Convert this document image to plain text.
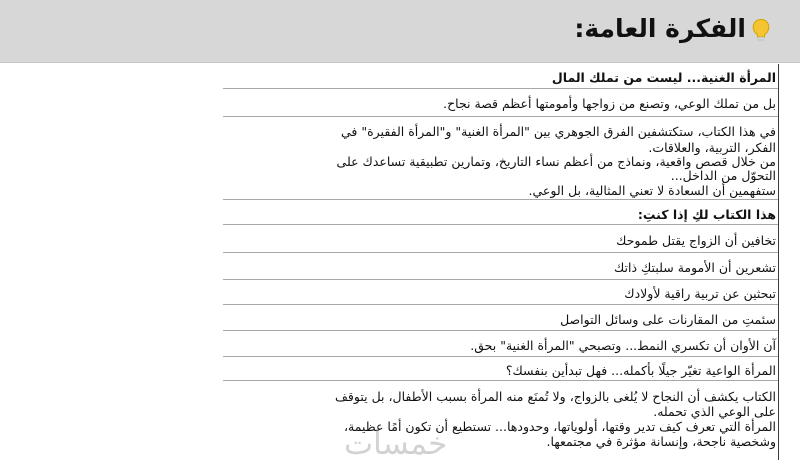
الفكرة العامة:
المرأة الغنية... ليست من تملك المال
بل من تملك الوعي، وتصنع من زواجها وأمومتها أعظم قصة نجاح.
في هذا الكتاب، ستكتشفين الفرق الجوهري بين "المرأة الغنية" و"المرأة الفقيرة" في
الفكر، التربية، والعلاقات.
من خلال قصص واقعية، ونماذج من أعظم نساء التاريخ، وتمارين تطبيقية تساعدك على
التحوّل من الداخل...
ستفهمين أن السعادة لا تعني المثالية، بل الوعي.
هذا الكتاب لكِ إذا كنتِ:
تخافين أن الزواج يقتل طموحك
تشعرين أن الأمومة سلبتكِ ذاتك
تبحثين عن تربية راقية لأولادك
سئمتِ من المقارنات على وسائل التواصل
آن الأوان أن تكسري النمط... وتصبحي "المرأة الغنية" بحق.
المرأة الواعية تغيّر جيلًا بأكمله... فهل تبدأين بنفسك؟
الكتاب يكشف أن النجاح لا يُلغى بالزواج، ولا تُمنَع منه المرأة بسبب الأطفال، بل يتوقف
على الوعي الذي تحمله.
المرأة التي تعرف كيف تدير وقتها، أولوياتها، وحدودها... تستطيع أن تكون أمًا عظيمة،
وشخصية ناجحة، وإنسانة مؤثرة في مجتمعها.
خمسات
